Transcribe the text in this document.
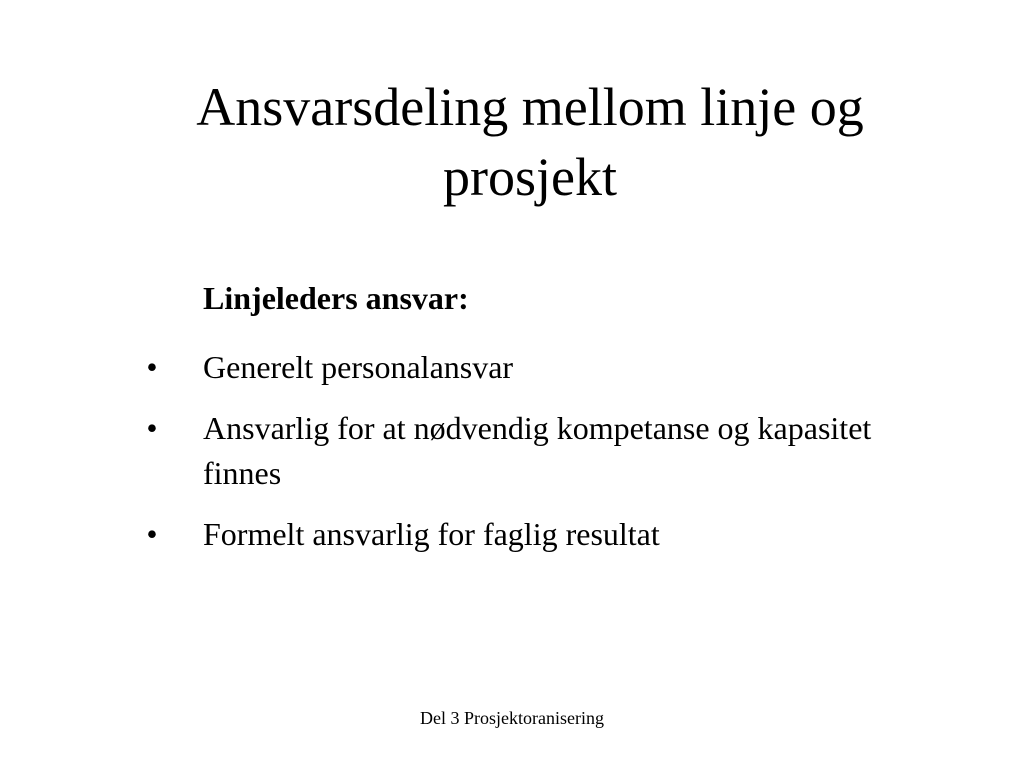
Ansvarsdeling mellom linje og
prosjekt

Linjeleders ansvar:

• Generelt personalansvar
• Ansvarlig for at nødvendig kompetanse og kapasitet finnes
• Formelt ansvarlig for faglig resultat
Del 3 Prosjektoranisering
